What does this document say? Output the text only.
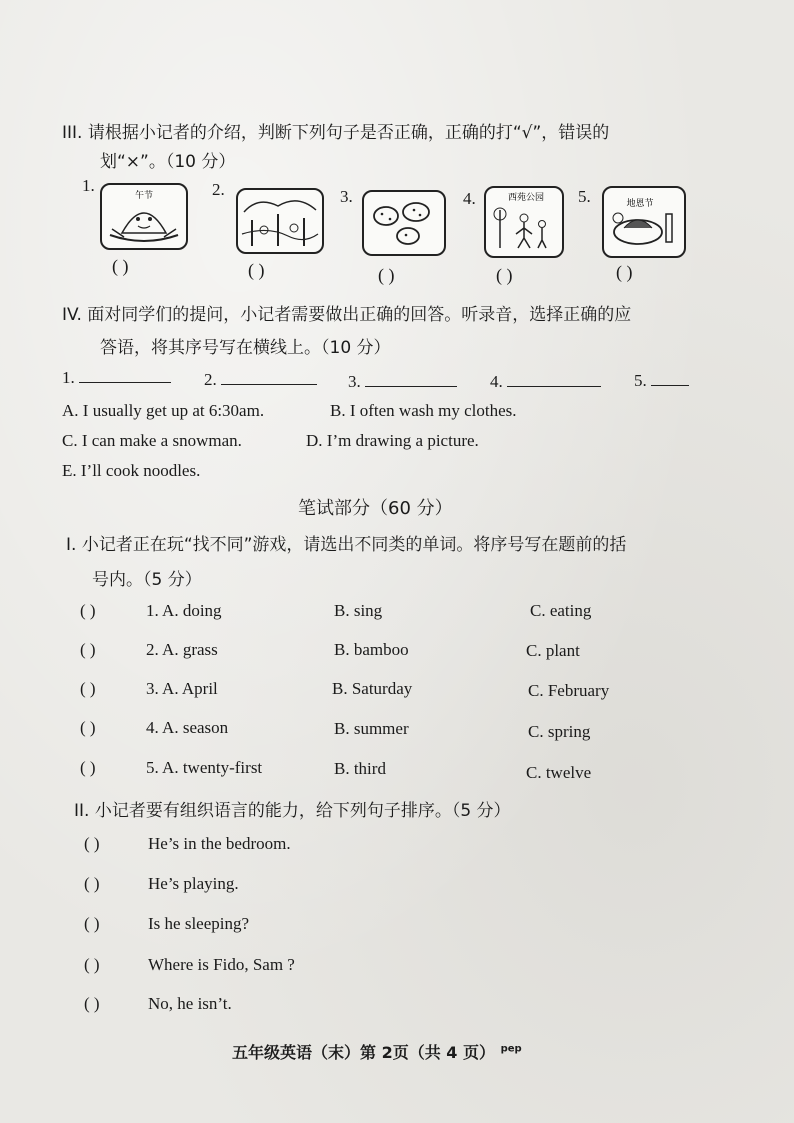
III. 请根据小记者的介绍，判断下列句子是否正确，正确的打“√”，错误的
划“×”。（10 分）
1.
午节
( )
2.
( )
3.
( )
4.	西苑公园
( )
5.	地恩节
( )
IV. 面对同学们的提问，小记者需要做出正确的回答。听录音，选择正确的应
答语，将其序号写在横线上。（10 分）
1.	2.	3.	4.	5.
A. I usually get up at 6:30am.	B. I often wash my clothes.
C. I can make a snowman.	D. I’m drawing a picture.
E. I’ll cook noodles.
笔试部分（60 分）
I. 小记者正在玩“找不同”游戏，请选出不同类的单词。将序号写在题前的括
号内。（5 分）
( )	1. A. doing	B. sing	C. eating
( )	2. A. grass	B. bamboo	C. plant
( )	3. A. April	B. Saturday	C. February
( )	4. A. season	B. summer	C. spring
( )	5. A. twenty-first	B. third	C. twelve
II. 小记者要有组织语言的能力，给下列句子排序。（5 分）
( )	He’s in the bedroom.
( )	He’s playing.
( )	Is he sleeping?
( )	Where is Fido, Sam ?
( )	No, he isn’t.
五年级英语（末）第 2页（共 4 页） $^{pep}$
